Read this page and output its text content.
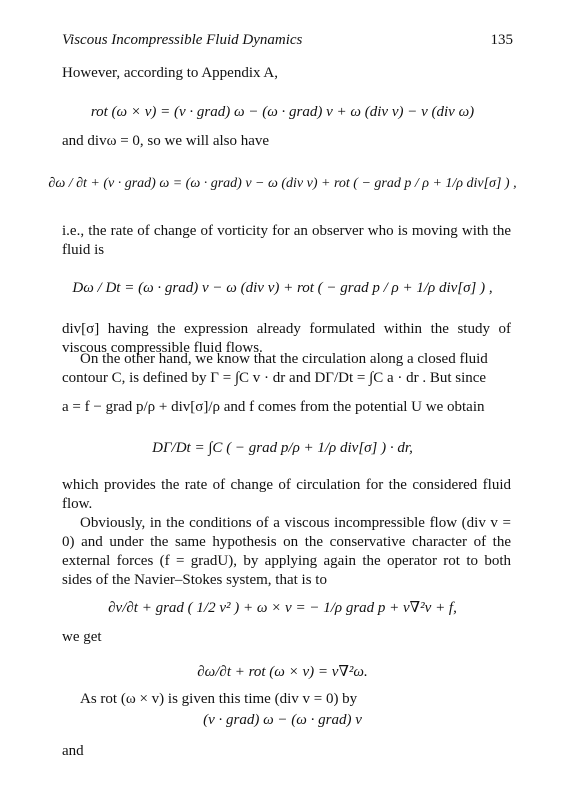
Viscous Incompressible Fluid Dynamics	135
However, according to Appendix A,
rot (ω × v) = (v · grad) ω − (ω · grad) v + ω (div v) − v (div ω)
and divω = 0, so we will also have
∂ω / ∂t + (v · grad) ω = (ω · grad) v − ω (div v) + rot ( − grad p / ρ + 1/ρ div[σ] ) ,
i.e., the rate of change of vorticity for an observer who is moving with the fluid is
Dω / Dt = (ω · grad) v − ω (div v) + rot ( − grad p / ρ + 1/ρ div[σ] ) ,
div[σ] having the expression already formulated within the study of viscous compressible fluid flows.
On the other hand, we know that the circulation along a closed fluid
contour C, is defined by Γ = ∫C v · dr and DΓ/Dt = ∫C a · dr . But since
a = f − grad p/ρ + div[σ]/ρ and f comes from the potential U we obtain
DΓ/Dt = ∫C ( − grad p/ρ + 1/ρ div[σ] ) · dr,
which provides the rate of change of circulation for the considered fluid flow.
Obviously, in the conditions of a viscous incompressible flow (div v = 0) and under the same hypothesis on the conservative character of the external forces (f = gradU), by applying again the operator rot to both sides of the Navier–Stokes system, that is to
∂v/∂t + grad ( 1/2 v² ) + ω × v = − 1/ρ grad p + ν∇²v + f,
we get
∂ω/∂t + rot (ω × v) = ν∇²ω.
As rot (ω × v) is given this time (div v = 0) by
(v · grad) ω − (ω · grad) v
and
